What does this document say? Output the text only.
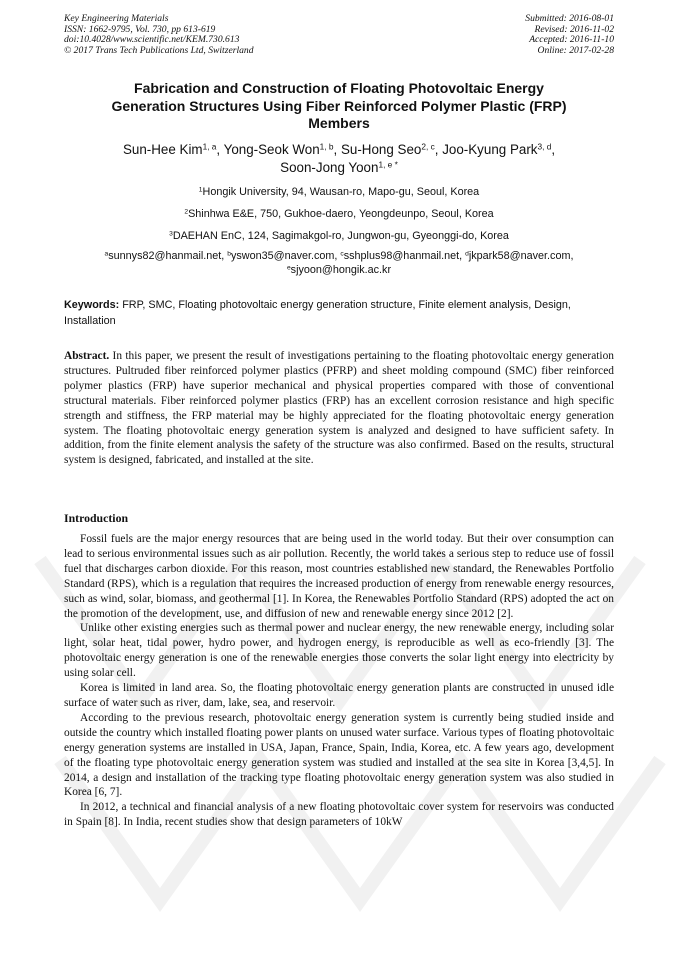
Key Engineering Materials
ISSN: 1662-9795, Vol. 730, pp 613-619
doi:10.4028/www.scientific.net/KEM.730.613
© 2017 Trans Tech Publications Ltd, Switzerland
Submitted: 2016-08-01
Revised: 2016-11-02
Accepted: 2016-11-10
Online: 2017-02-28
Fabrication and Construction of Floating Photovoltaic Energy
Generation Structures Using Fiber Reinforced Polymer Plastic (FRP)
Members
Sun-Hee Kim$^{1, a}$, Yong-Seok Won$^{1, b}$, Su-Hong Seo$^{2, c}$, Joo-Kyung Park$^{3, d}$,
Soon-Jong Yoon$^{1, e *}$
$^1$Hongik University, 94, Wausan-ro, Mapo-gu, Seoul, Korea
$^2$Shinhwa E&E, 750, Gukhoe-daero, Yeongdeunpo, Seoul, Korea
$^3$DAEHAN EnC, 124, Sagimakgol-ro, Jungwon-gu, Gyeonggi-do, Korea
$^a$sunnys82@hanmail.net, $^b$yswon35@naver.com, $^c$sshplus98@hanmail.net, $^d$jkpark58@naver.com,
$^e$sjyoon@hongik.ac.kr
Keywords: FRP, SMC, Floating photovoltaic energy generation structure, Finite element analysis, Design, Installation
Abstract. In this paper, we present the result of investigations pertaining to the floating photovoltaic energy generation structures. Pultruded fiber reinforced polymer plastics (PFRP) and sheet molding compound (SMC) fiber reinforced polymer plastics (FRP) have superior mechanical and physical properties compared with those of conventional structural materials. Fiber reinforced polymer plastics (FRP) has an excellent corrosion resistance and high specific strength and stiffness, the FRP material may be highly appreciated for the floating photovoltaic energy generation system. The floating photovoltaic energy generation system is analyzed and designed to have sufficient safety. In addition, from the finite element analysis the safety of the structure was also confirmed. Based on the results, structural system is designed, fabricated, and installed at the site.
Introduction

Fossil fuels are the major energy resources that are being used in the world today. But their over consumption can lead to serious environmental issues such as air pollution. Recently, the world takes a serious step to reduce use of fossil fuel that discharges carbon dioxide. For this reason, most countries established new standard, the Renewables Portfolio Standard (RPS), which is a regulation that requires the increased production of energy from renewable energy resources, such as wind, solar, biomass, and geothermal [1]. In Korea, the Renewables Portfolio Standard (RPS) adopted the act on the promotion of the development, use, and diffusion of new and renewable energy since 2012 [2].

Unlike other existing energies such as thermal power and nuclear energy, the new renewable energy, including solar light, solar heat, tidal power, hydro power, and hydrogen energy, is reproducible as well as eco-friendly [3]. The photovoltaic energy generation is one of the renewable energies those converts the solar light energy into electricity by using solar cell.

Korea is limited in land area. So, the floating photovoltaic energy generation plants are constructed in unused idle surface of water such as river, dam, lake, sea, and reservoir.

According to the previous research, photovoltaic energy generation system is currently being studied inside and outside the country which installed floating power plants on unused water surface. Various types of floating photovoltaic energy generation systems are installed in USA, Japan, France, Spain, India, Korea, etc. A few years ago, development of the floating type photovoltaic energy generation system was studied and installed at the sea site in Korea [3,4,5]. In 2014, a design and installation of the tracking type floating photovoltaic energy generation system was also studied in Korea [6, 7].

In 2012, a technical and financial analysis of a new floating photovoltaic cover system for reservoirs was conducted in Spain [8]. In India, recent studies show that design parameters of 10kW
